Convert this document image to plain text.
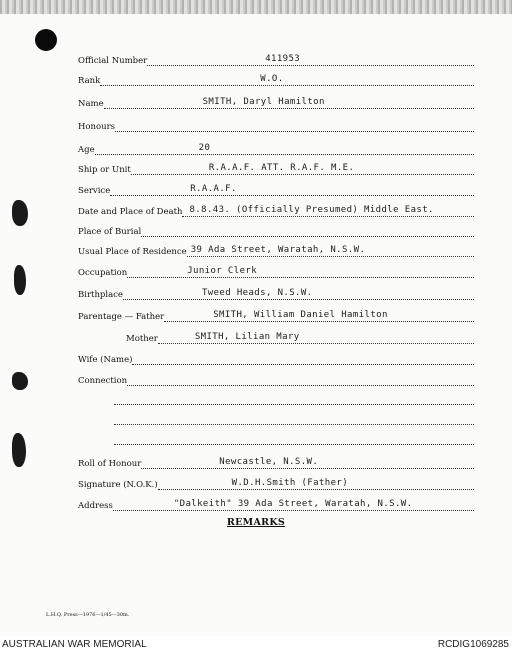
Official Number	411953
Rank	W.O.
Name	SMITH, Daryl Hamilton
Honours
Age	20
Ship or Unit	R.A.A.F. ATT. R.A.F. M.E.
Service	R.A.A.F.
Date and Place of Death 8.8.43. (Officially Presumed) Middle East.
Place of Burial
Usual Place of Residence 39 Ada Street, Waratah, N.S.W.
Occupation	Junior Clerk
Birthplace	Tweed Heads, N.S.W.
Parentage — Father	SMITH, William Daniel Hamilton
Mother	SMITH, Lilian Mary
Wife (Name)
Connection
Roll of Honour	Newcastle, N.S.W.
Signature (N.O.K.)	W.D.H.Smith (Father)
Address	"Dalkeith" 39 Ada Street, Waratah, N.S.W.
REMARKS
L.H.Q. Press—1976—1/45—30m.
AUSTRALIAN WAR MEMORIAL	RCDIG1069285
